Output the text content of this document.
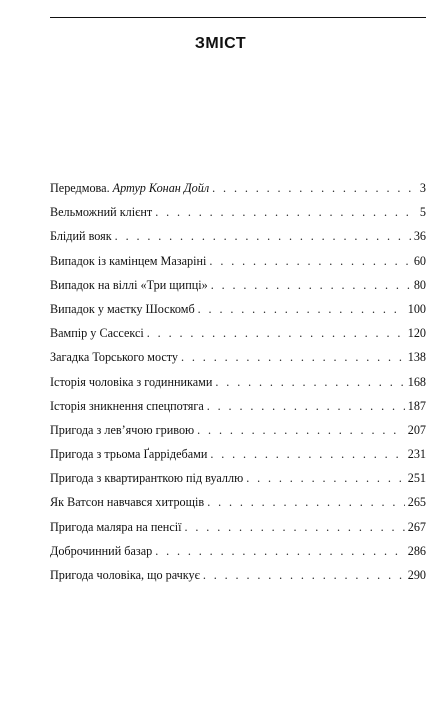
ЗМІСТ
Передмова. Артур Конан Дойл . . .	3
Вельможний клієнт . . .	5
Блідий вояк . . .	36
Випадок із камінцем Мазаріні . . .	60
Випадок на віллі «Три щипці» . . .	80
Випадок у маєтку Шоскомб . . .	100
Вампір у Сассексі . . .	120
Загадка Торського мосту . . .	138
Історія чоловіка з годинниками . . .	168
Історія зникнення спецпотяга . . .	187
Пригода з лев’ячою гривою . . .	207
Пригода з трьома Ґаррідебами . . .	231
Пригода з квартиранткою під вуаллю . . .	251
Як Ватсон навчався хитрощів . . .	265
Пригода маляра на пенсії . . .	267
Доброчинний базар . . .	286
Пригода чоловіка, що рачкує . . .	290
